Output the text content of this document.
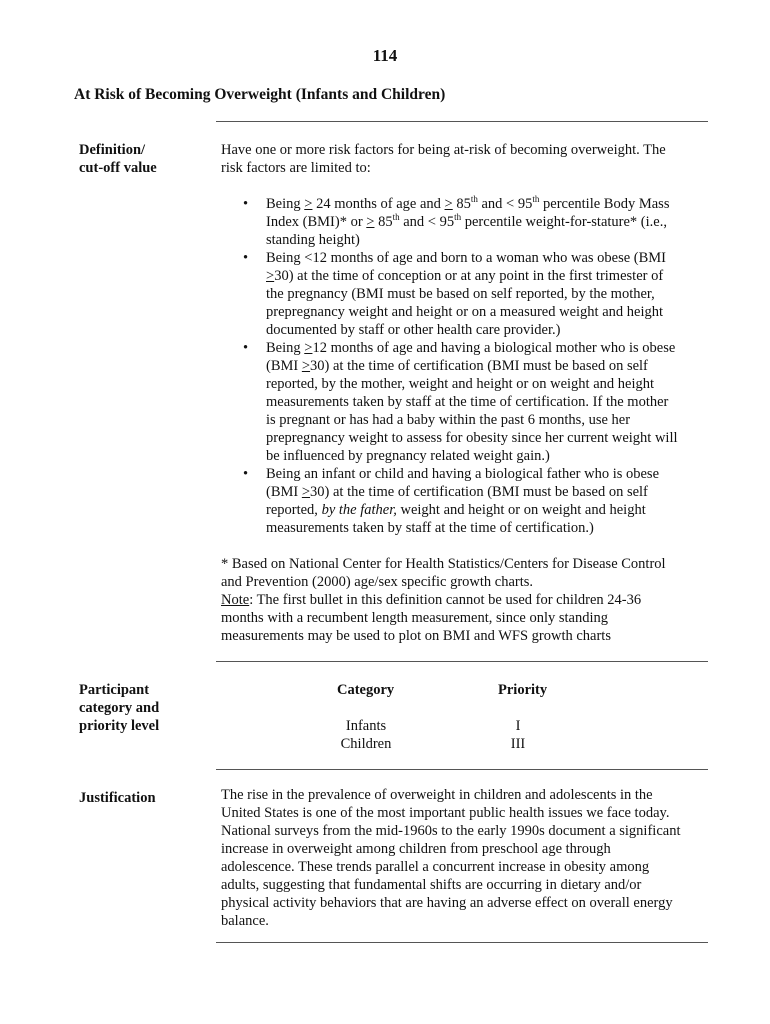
114
At Risk of Becoming Overweight (Infants and Children)
Definition/
cut-off value

Have one or more risk factors for being at-risk of becoming overweight. The

risk factors are limited to:

• Being > 24 months of age and > 85th and < 95th percentile Body Mass
Index (BMI)* or > 85th and < 95th percentile weight-for-stature* (i.e.,
standing height)
• Being <12 months of age and born to a woman who was obese (BMI
>30) at the time of conception or at any point in the first trimester of
the pregnancy (BMI must be based on self reported, by the mother,
prepregnancy weight and height or on a measured weight and height
documented by staff or other health care provider.)
• Being >12 months of age and having a biological mother who is obese
(BMI >30) at the time of certification (BMI must be based on self
reported, by the mother, weight and height or on weight and height
measurements taken by staff at the time of certification. If the mother
is pregnant or has had a baby within the past 6 months, use her
prepregnancy weight to assess for obesity since her current weight will
be influenced by pregnancy related weight gain.)
• Being an infant or child and having a biological father who is obese
(BMI >30) at the time of certification (BMI must be based on self
reported, by the father, weight and height or on weight and height
measurements taken by staff at the time of certification.)

* Based on National Center for Health Statistics/Centers for Disease Control

and Prevention (2000) age/sex specific growth charts.

Note: The first bullet in this definition cannot be used for children 24-36

months with a recumbent length measurement, since only standing

measurements may be used to plot on BMI and WFS growth charts

Participant
category and
priority level
Category	Priority
Infants	I
Children	III
Justification	The rise in the prevalence of overweight in children and adolescents in the

United States is one of the most important public health issues we face today.

National surveys from the mid-1960s to the early 1990s document a significant

increase in overweight among children from preschool age through

adolescence. These trends parallel a concurrent increase in obesity among

adults, suggesting that fundamental shifts are occurring in dietary and/or

physical activity behaviors that are having an adverse effect on overall energy

balance.
